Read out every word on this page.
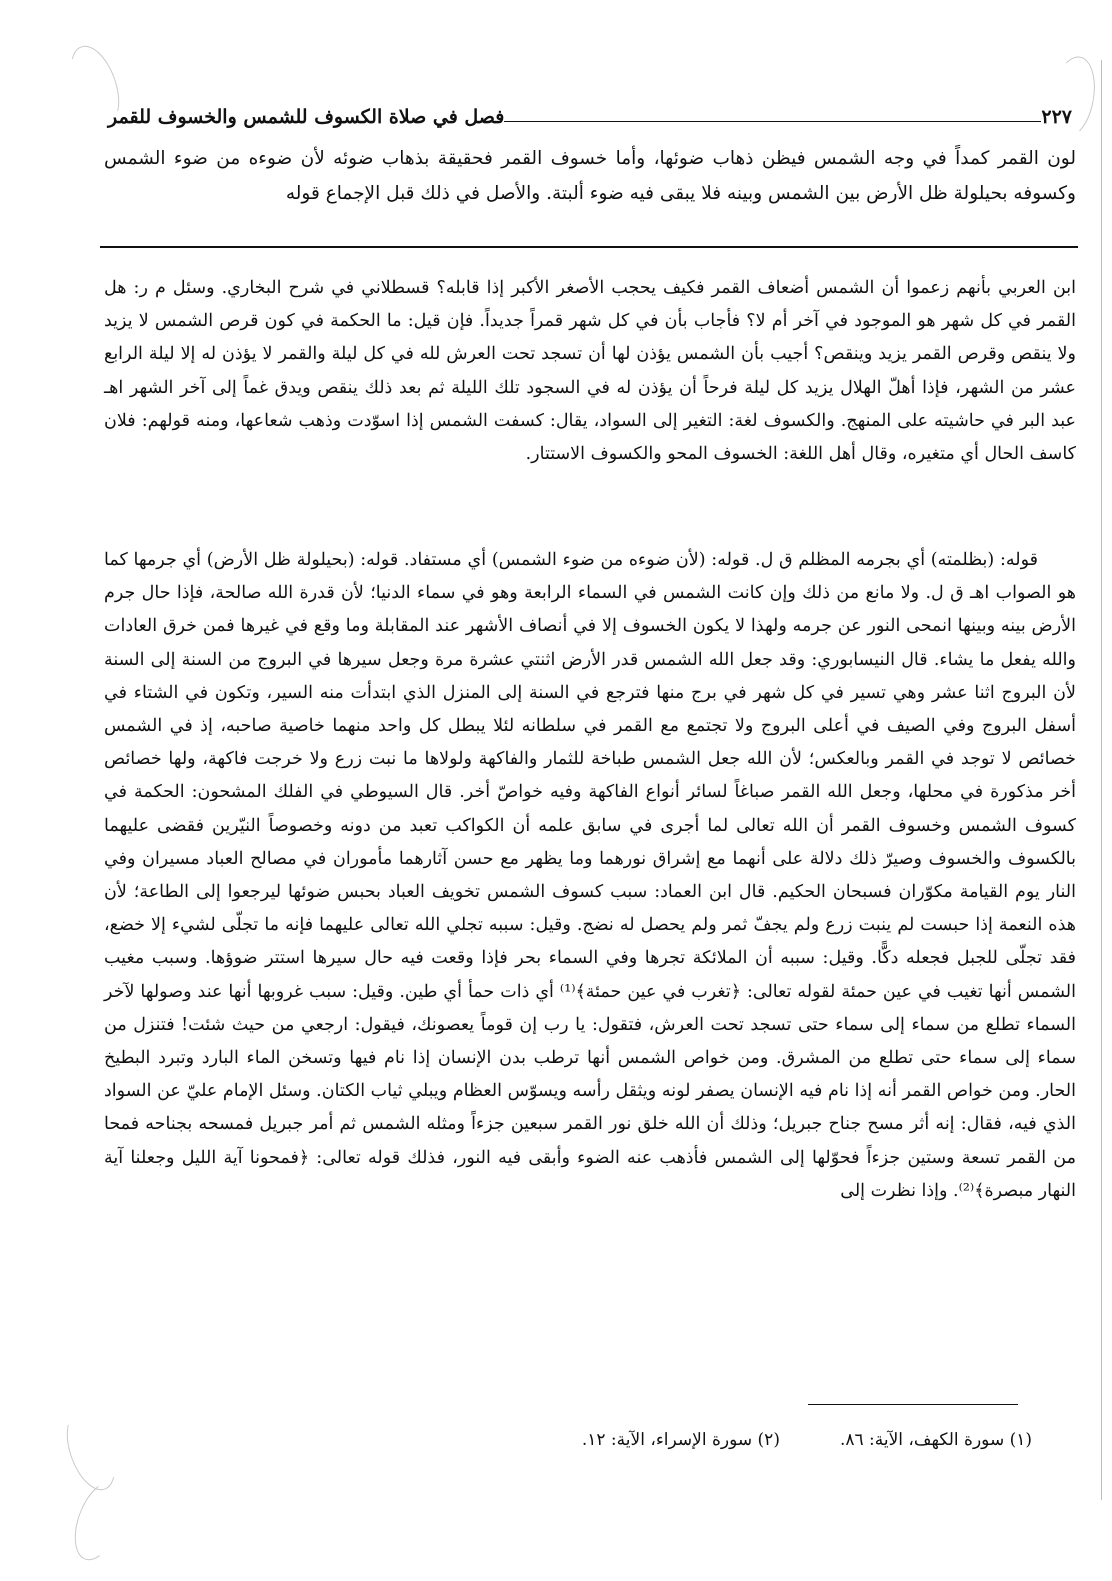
فصل في صلاة الكسوف للشمس والخسوف للقمر	٢٢٧

لون القمر كمداً في وجه الشمس فيظن ذهاب ضوئها، وأما خسوف القمر فحقيقة بذهاب ضوئه لأن ضوءه من ضوء الشمس وكسوفه بحيلولة ظل الأرض بين الشمس وبينه فلا يبقى فيه ضوء ألبتة. والأصل في ذلك قبل الإجماع قوله

ابن العربي بأنهم زعموا أن الشمس أضعاف القمر فكيف يحجب الأصغر الأكبر إذا قابله؟ قسطلاني في شرح البخاري. وسئل م ر: هل القمر في كل شهر هو الموجود في آخر أم لا؟ فأجاب بأن في كل شهر قمراً جديداً. فإن قيل: ما الحكمة في كون قرص الشمس لا يزيد ولا ينقص وقرص القمر يزيد وينقص؟ أجيب بأن الشمس يؤذن لها أن تسجد تحت العرش لله في كل ليلة والقمر لا يؤذن له إلا ليلة الرابع عشر من الشهر، فإذا أهلّ الهلال يزيد كل ليلة فرحاً أن يؤذن له في السجود تلك الليلة ثم بعد ذلك ينقص ويدق غماً إلى آخر الشهر اهـ عبد البر في حاشيته على المنهج. والكسوف لغة: التغير إلى السواد، يقال: كسفت الشمس إذا اسوّدت وذهب شعاعها، ومنه قولهم: فلان كاسف الحال أي متغيره، وقال أهل اللغة: الخسوف المحو والكسوف الاستتار.

قوله: (بظلمته) أي بجرمه المظلم ق ل. قوله: (لأن ضوءه من ضوء الشمس) أي مستفاد. قوله: (بحيلولة ظل الأرض) أي جرمها كما هو الصواب اهـ ق ل. ولا مانع من ذلك وإن كانت الشمس في السماء الرابعة وهو في سماء الدنيا؛ لأن قدرة الله صالحة، فإذا حال جرم الأرض بينه وبينها انمحى النور عن جرمه ولهذا لا يكون الخسوف إلا في أنصاف الأشهر عند المقابلة وما وقع في غيرها فمن خرق العادات والله يفعل ما يشاء. قال النيسابوري: وقد جعل الله الشمس قدر الأرض اثنتي عشرة مرة وجعل سيرها في البروج من السنة إلى السنة لأن البروج اثنا عشر وهي تسير في كل شهر في برج منها فترجع في السنة إلى المنزل الذي ابتدأت منه السير، وتكون في الشتاء في أسفل البروج وفي الصيف في أعلى البروج ولا تجتمع مع القمر في سلطانه لئلا يبطل كل واحد منهما خاصية صاحبه، إذ في الشمس خصائص لا توجد في القمر وبالعكس؛ لأن الله جعل الشمس طباخة للثمار والفاكهة ولولاها ما نبت زرع ولا خرجت فاكهة، ولها خصائص أخر مذكورة في محلها، وجعل الله القمر صباغاً لسائر أنواع الفاكهة وفيه خواصّ أخر. قال السيوطي في الفلك المشحون: الحكمة في كسوف الشمس وخسوف القمر أن الله تعالى لما أجرى في سابق علمه أن الكواكب تعبد من دونه وخصوصاً النيّرين فقضى عليهما بالكسوف والخسوف وصيرّ ذلك دلالة على أنهما مع إشراق نورهما وما يظهر مع حسن آثارهما مأموران في مصالح العباد مسيران وفي النار يوم القيامة مكوّران فسبحان الحكيم. قال ابن العماد: سبب كسوف الشمس تخويف العباد بحبس ضوئها ليرجعوا إلى الطاعة؛ لأن هذه النعمة إذا حبست لم ينبت زرع ولم يجفّ ثمر ولم يحصل له نضج. وقيل: سببه تجلي الله تعالى عليهما فإنه ما تجلّى لشيء إلا خضع، فقد تجلّى للجبل فجعله دكًّا. وقيل: سببه أن الملائكة تجرها وفي السماء بحر فإذا وقعت فيه حال سيرها استتر ضوؤها. وسبب مغيب الشمس أنها تغيب في عين حمئة لقوله تعالى: ﴿تغرب في عين حمئة﴾⁽¹⁾ أي ذات حمأ أي طين. وقيل: سبب غروبها أنها عند وصولها لآخر السماء تطلع من سماء إلى سماء حتى تسجد تحت العرش، فتقول: يا رب إن قوماً يعصونك، فيقول: ارجعي من حيث شئت! فتنزل من سماء إلى سماء حتى تطلع من المشرق. ومن خواص الشمس أنها ترطب بدن الإنسان إذا نام فيها وتسخن الماء البارد وتبرد البطيخ الحار. ومن خواص القمر أنه إذا نام فيه الإنسان يصفر لونه ويثقل رأسه ويسوّس العظام ويبلي ثياب الكتان. وسئل الإمام عليّ عن السواد الذي فيه، فقال: إنه أثر مسح جناح جبريل؛ وذلك أن الله خلق نور القمر سبعين جزءاً ومثله الشمس ثم أمر جبريل فمسحه بجناحه فمحا من القمر تسعة وستين جزءاً فحوّلها إلى الشمس فأذهب عنه الضوء وأبقى فيه النور، فذلك قوله تعالى: ﴿فمحونا آية الليل وجعلنا آية النهار مبصرة﴾⁽²⁾. وإذا نظرت إلى

(١) سورة الكهف، الآية: ٨٦.
(٢) سورة الإسراء، الآية: ١٢.
